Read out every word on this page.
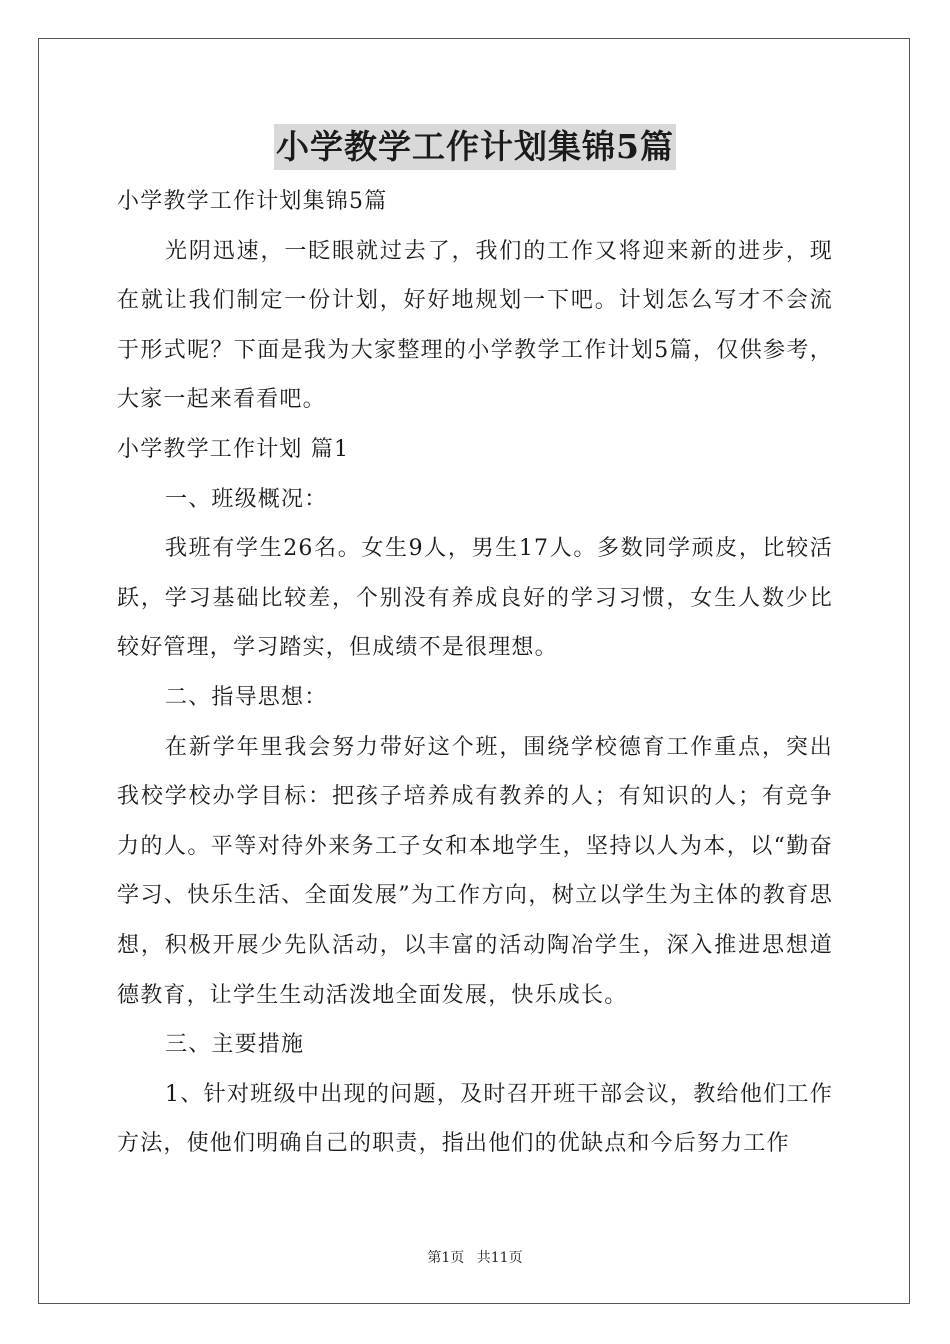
小学教学工作计划集锦5篇

小学教学工作计划集锦5篇

光阴迅速，一眨眼就过去了，我们的工作又将迎来新的进步，现在就让我们制定一份计划，好好地规划一下吧。计划怎么写才不会流于形式呢？下面是我为大家整理的小学教学工作计划5篇，仅供参考，大家一起来看看吧。

小学教学工作计划 篇1

一、班级概况：

我班有学生26名。女生9人，男生17人。多数同学顽皮，比较活跃，学习基础比较差，个别没有养成良好的学习习惯，女生人数少比较好管理，学习踏实，但成绩不是很理想。

二、指导思想：

在新学年里我会努力带好这个班，围绕学校德育工作重点，突出我校学校办学目标：把孩子培养成有教养的人；有知识的人；有竞争力的人。平等对待外来务工子女和本地学生，坚持以人为本，以“勤奋学习、快乐生活、全面发展”为工作方向，树立以学生为主体的教育思想，积极开展少先队活动，以丰富的活动陶冶学生，深入推进思想道德教育，让学生生动活泼地全面发展，快乐成长。

三、主要措施

1、针对班级中出现的问题，及时召开班干部会议，教给他们工作方法，使他们明确自己的职责，指出他们的优缺点和今后努力工作

第1页 共11页
